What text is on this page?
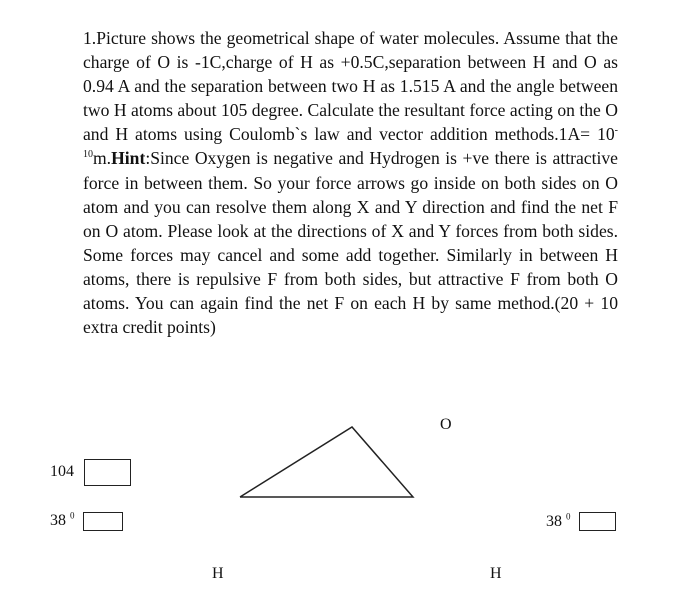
1.Picture shows the geometrical shape of water molecules. Assume that the charge of O is -1C,charge of H as +0.5C,separation between H and O as 0.94 A and the separation between two H as 1.515 A and the angle between two H atoms about 105 degree. Calculate the resultant force acting on the O and H atoms using Coulomb`s law and vector addition methods.1A= $10^{-10}m.Hint:Since$ Oxygen is negative and Hydrogen is +ve there is attractive force in between them. So your force arrows go inside on both sides on O atom and you can resolve them along X and Y direction and find the net F on O atom. Please look at the directions of X and Y forces from both sides. Some forces may cancel and some add together. Similarly in between H atoms, there is repulsive F from both sides, but attractive F from both O atoms. You can again find the net F on each H by same method.(20 + 10 extra credit points)

O
104
38 $^0$	38 $^0$
H	H
